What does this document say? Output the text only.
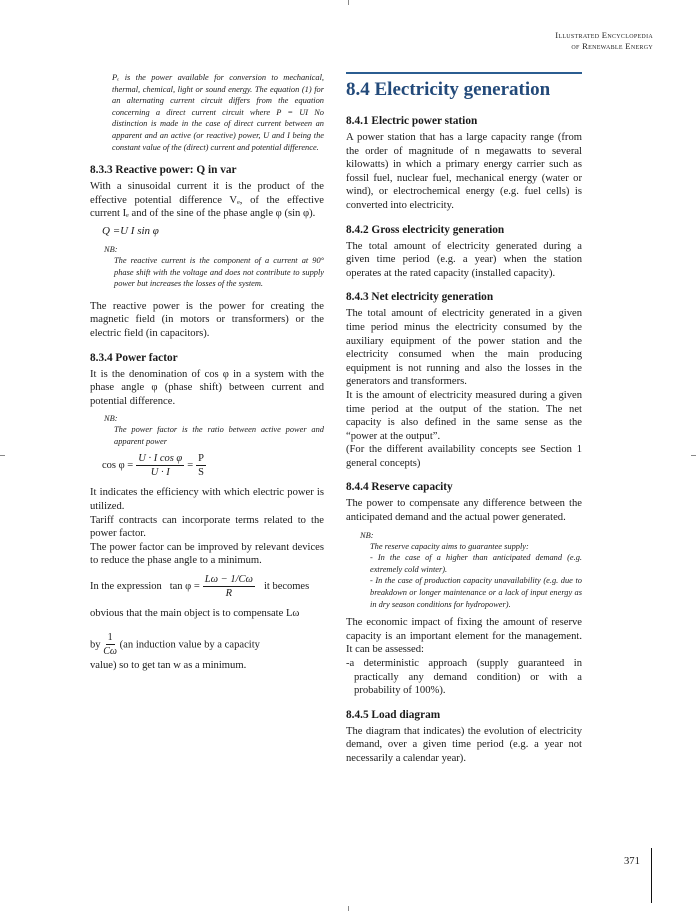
Illustrated Encyclopedia
of Renewable Energy

Pₑ is the power available for conversion to mechanical, thermal, chemical, light or sound energy. The equation (1) for an alternating current circuit differs from the equation concerning a direct current circuit where P = UI No distinction is made in the case of direct current between an apparent and an active (or reactive) power, U and I being the constant value of the (direct) current and potential difference.

8.3.3 Reactive power: Q in var

With a sinusoidal current it is the product of the effective potential difference Vₑ, of the effective current Iₑ and of the sine of the phase angle φ (sin φ).

Q =U I sin φ
NB:

The reactive current is the component of a current at 90° phase shift with the voltage and does not contribute to supply power but increases the losses of the system.

The reactive power is the power for creating the magnetic field (in motors or transformers) or the electric field (in capacitors).

8.3.4 Power factor

It is the denomination of cos φ in a system with the phase angle φ (phase shift) between current and potential difference.

NB:

The power factor is the ratio between active power and apparent power

$\cos \varphi = \frac{\text{U · I cos φ}}{U \cdot I} = \frac{P}{S}$

It indicates the efficiency with which electric power is utilized.

Tariff contracts can incorporate terms related to the power factor.

The power factor can be improved by relevant devices to reduce the phase angle to a minimum.

In the expression $\tan \varphi = \frac{L\omega - 1/C\omega}{R}$ it becomes

obvious that the main object is to compensate Lω

by $\frac{1}{C\omega} (an$ induction value by a capacity

value) so to get tan w as a minimum.

8.4 Electricity generation
8.4.1 Electric power station

A power station that has a large capacity range (from the order of magnitude of n megawatts to several kilowatts) in which a primary energy carrier such as fossil fuel, nuclear fuel, mechanical energy (water or wind), or electrochemical energy (e.g. fuel cells) is converted into electricity.

8.4.2 Gross electricity generation

The total amount of electricity generated during a given time period (e.g. a year) when the station operates at the rated capacity (installed capacity).

8.4.3 Net electricity generation

The total amount of electricity generated in a given time period minus the electricity consumed by the auxiliary equipment of the power station and the electricity consumed when the main producing equipment is not running and also the losses in the generators and transformers.

It is the amount of electricity measured during a given time period at the output of the station. The net capacity is also defined in the same sense as the “power at the output”.

(For the different availability concepts see Section 1 general concepts)

8.4.4 Reserve capacity

The power to compensate any difference between the anticipated demand and the actual power generated.

NB:

The reserve capacity aims to guarantee supply:

- In the case of a higher than anticipated demand (e.g. extremely cold winter).

- In the case of production capacity unavailability (e.g. due to breakdown or longer maintenance or a lack of input energy as in dry season conditions for hydropower).

The economic impact of fixing the amount of reserve capacity is an important element for the management. It can be assessed:

-a deterministic approach (supply guaranteed in practically any demand condition) or with a probability of 100%).

8.4.5 Load diagram

The diagram that indicates) the evolution of electricity demand, over a given time period (e.g. a year not necessarily a calendar year).

371
